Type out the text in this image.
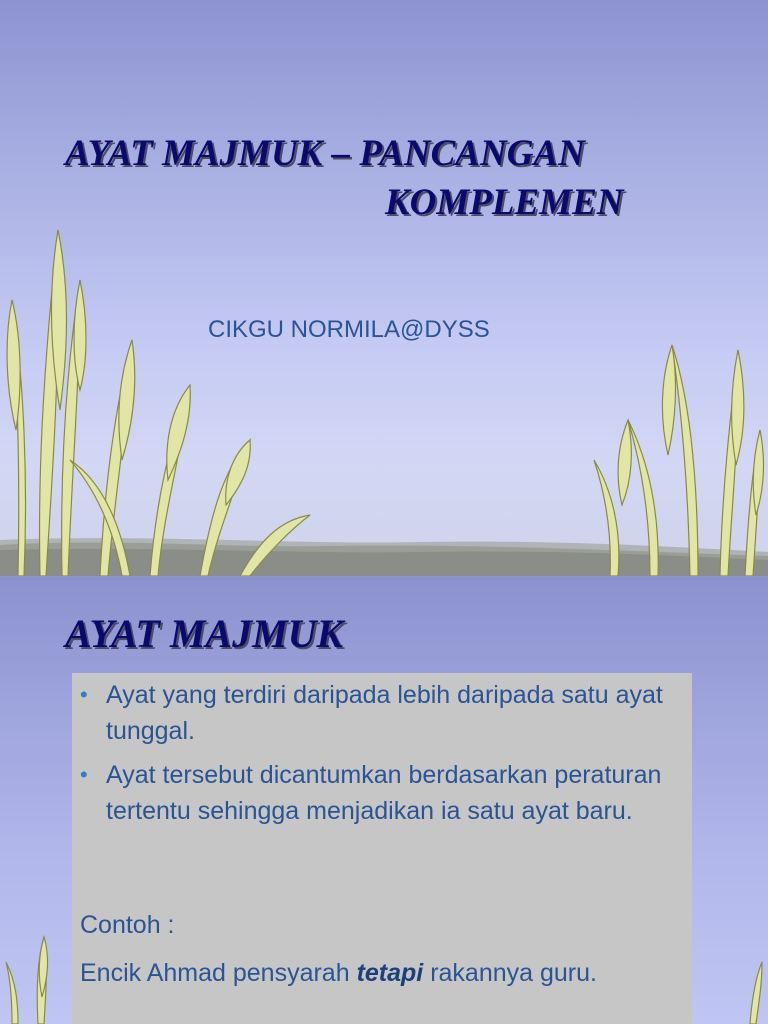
AYAT MAJMUK – PANCANGAN
KOMPLEMEN
CIKGU NORMILA@DYSS
AYAT MAJMUK
• Ayat yang terdiri daripada lebih daripada satu ayat tunggal.
• Ayat tersebut dicantumkan berdasarkan peraturan tertentu sehingga menjadikan ia satu ayat baru.
Contoh :
Encik Ahmad pensyarah tetapi rakannya guru.
